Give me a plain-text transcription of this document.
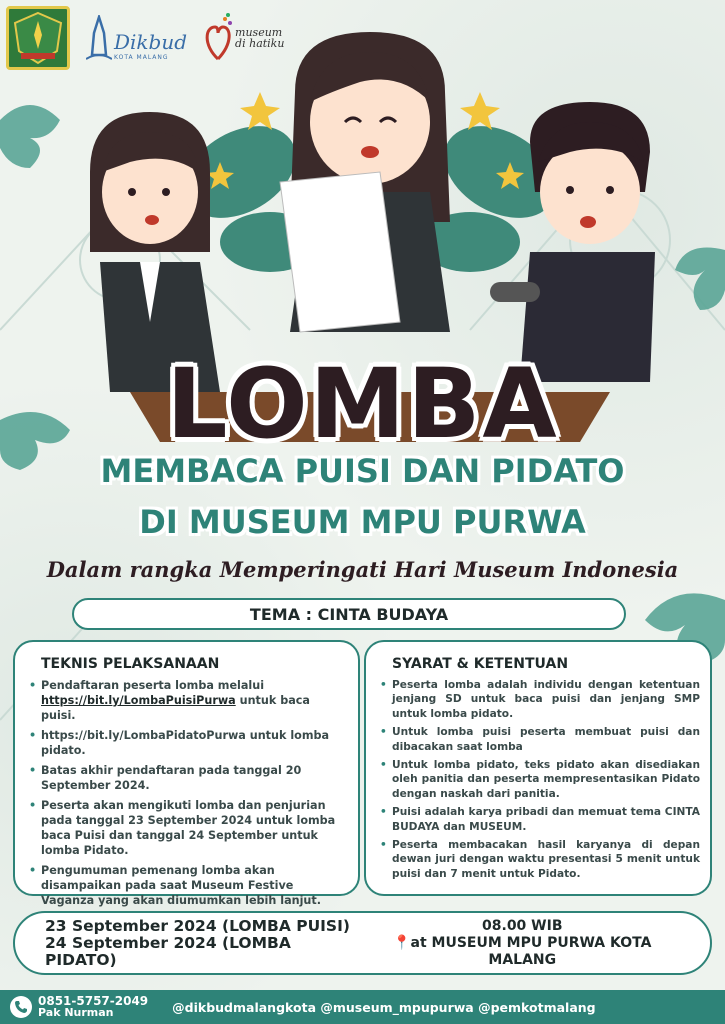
Dikbud
KOTA MALANG
museum
di hatiku
LOMBA
MEMBACA PUISI DAN PIDATO
DI MUSEUM MPU PURWA
Dalam rangka Memperingati Hari Museum Indonesia
TEMA : CINTA BUDAYA
TEKNIS PELAKSANAAN
• Pendaftaran peserta lomba melalui https://bit.ly/LombaPuisiPurwa untuk baca puisi.
• https://bit.ly/LombaPidatoPurwa untuk lomba pidato.
• Batas akhir pendaftaran pada tanggal 20 September 2024.
• Peserta akan mengikuti lomba dan penjurian pada tanggal 23 September 2024 untuk lomba baca Puisi dan tanggal 24 September untuk lomba Pidato.
• Pengumuman pemenang lomba akan disampaikan pada saat Museum Festive Vaganza yang akan diumumkan lebih lanjut.
SYARAT & KETENTUAN
• Peserta lomba adalah individu dengan ketentuan jenjang SD untuk baca puisi dan jenjang SMP untuk lomba pidato.
• Untuk lomba puisi peserta membuat puisi dan dibacakan saat lomba
• Untuk lomba pidato, teks pidato akan disediakan oleh panitia dan peserta mempresentasikan Pidato dengan naskah dari panitia.
• Puisi adalah karya pribadi dan memuat tema CINTA BUDAYA dan MUSEUM.
• Peserta membacakan hasil karyanya di depan dewan juri dengan waktu presentasi 5 menit untuk puisi dan 7 menit untuk Pidato.
23 September 2024 (LOMBA PUISI)
24 September 2024 (LOMBA PIDATO)
08.00 WIB
📍at MUSEUM MPU PURWA KOTA MALANG
0851-5757-2049
Pak Nurman	@dikbudmalangkota @museum_mpupurwa @pemkotmalang
